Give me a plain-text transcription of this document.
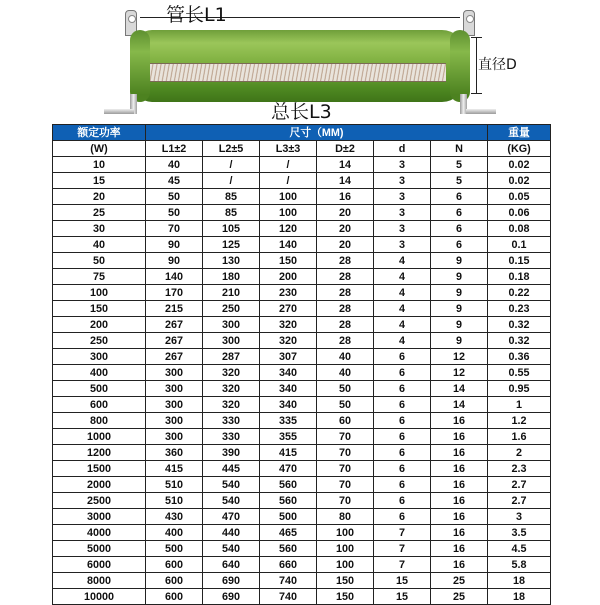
管长L1
直径D
总长L3
额定功率	尺寸（MM)						重量
(W)	L1±2	L2±5	L3±3	D±2	d	N	(KG)
10	40	/	/	14	3	5	0.02
15	45	/	/	14	3	5	0.02
20	50	85	100	16	3	6	0.05
25	50	85	100	20	3	6	0.06
30	70	105	120	20	3	6	0.08
40	90	125	140	20	3	6	0.1
50	90	130	150	28	4	9	0.15
75	140	180	200	28	4	9	0.18
100	170	210	230	28	4	9	0.22
150	215	250	270	28	4	9	0.23
200	267	300	320	28	4	9	0.32
250	267	300	320	28	4	9	0.32
300	267	287	307	40	6	12	0.36
400	300	320	340	40	6	12	0.55
500	300	320	340	50	6	14	0.95
600	300	320	340	50	6	14	1
800	300	330	335	60	6	16	1.2
1000	300	330	355	70	6	16	1.6
1200	360	390	415	70	6	16	2
1500	415	445	470	70	6	16	2.3
2000	510	540	560	70	6	16	2.7
2500	510	540	560	70	6	16	2.7
3000	430	470	500	80	6	16	3
4000	400	440	465	100	7	16	3.5
5000	500	540	560	100	7	16	4.5
6000	600	640	660	100	7	16	5.8
8000	600	690	740	150	15	25	18
10000	600	690	740	150	15	25	18
